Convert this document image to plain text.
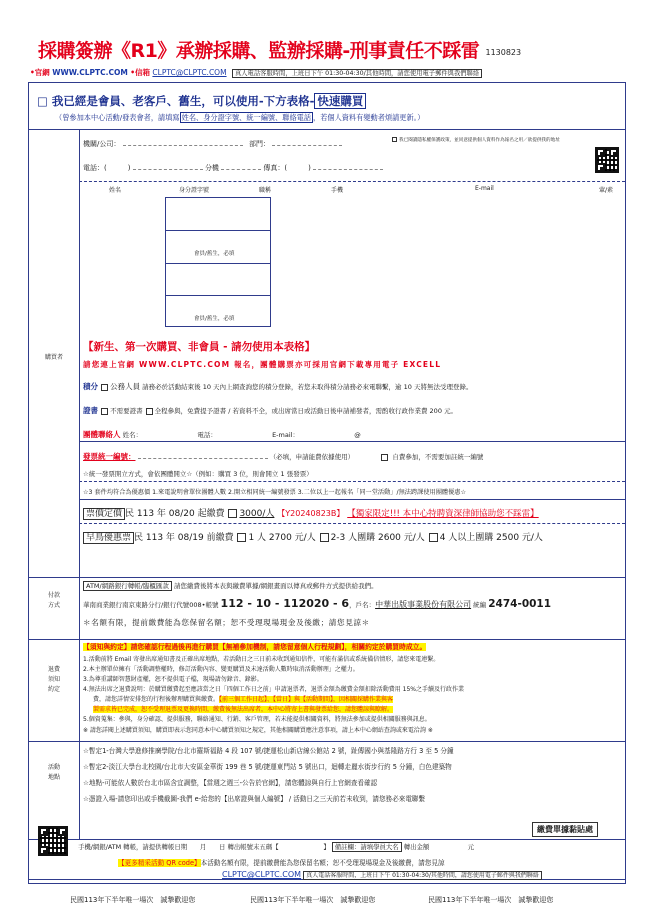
採購簽辦《R1》承辦採購、監辦採購-刑事責任不踩雷 1130823
•官網 WWW.CLPTC.COM •信箱 CLPTC@CLPTC.COM 真人電話客服時間，上班日下午 01:30-04:30/其他時間，請您使用電子郵件與我們聯絡
□ 我已經是會員、老客戶、舊生，可以使用-下方表格- 快速購買
（曾參加本中心活動/發表會者，請填寫 姓名、身分證字號、統一編號、聯絡電話 ，若個人資料有變動者煩請更新。）
購買者
機關/公司：	部門：	我已閱讀隱私權保護政策，並同意提供個人資料作為報名之用／欲提供我的地址
電話：(　　　)	分機	傳真：(　　　)
姓名	身分證字號	職稱	手機	E-mail	葷/素
會員/舊生，必填
會員/舊生，必填
【新生、第一次購買、非會員 - 請勿使用本表格】
請您連上官網 WWW.CLPTC.COM 報名，團體購票亦可採用官網下載專用電子 EXCELL
積分 公務人員 請務必於活動結束後 10 天內上網查詢您的積分登錄，若您未取得積分請務必來電聯繫，逾 10 天將無法受理登錄。
證書 不需要證書 全程參與，免費提予證書 / 若資料不全，或出席當日或活動日後申請補發者，需酌收行政作業費 200 元。
團體聯絡人 姓名：　　　　　　　　　電話：　　　　　　　　　E-mail：　　　　　　　　　@
發票統一編號：	（必填，申請能費依據使用）	自費參加，不需要加註統一編號
☆統一發票開立方式，會依團體開立☆（例如：購買 3 位，則會開立 1 張發票）
☆3 套件均符合為優惠價 1.來電說明會單位團體人數 2.開立相同統一編號發票 3.二位以上一起報名「同一堂活動」/無法跨課使用團體優惠☆
票價定價 民 113 年 08/20 起繳費 3000/人 【Y20240823B】 【獨家限定!!! 本中心特聘資深律師協助您不踩雷】
早鳥優惠票 民 113 年 08/19 前繳費 1 人 2700 元/人 2-3 人團購 2600 元/人 4 人以上團購 2500 元/人
付款
方式
ATM/網路銀行轉帳/臨櫃匯款 請您繳費後將本表與繳費單據/網銀畫面以傳真或郵件方式提供給我們。
華南商業銀行南京東路分行/銀行代號008•帳號 112 - 10 - 112020 - 6，戶名：中華出版事業股份有限公司 統編 2474-0011
＊名額有限，提前繳費能為您保留名額；恕不受理現場現金及後繳；請您見諒＊
退費
須知
約定
【須知與約定】請您確認行程過後再進行購買【無補參加機制，請您留意個人行程規劃】，相關約定於購買時成立。
1.活動前將 Email 寄發出席通知書及正確出席地點，若活動日之三日前未收到通知信件，可能有滿信或系統備信情形，請您來電連繫。
2.本主辦單位擁有「活動調整權時，修訂活動內容、變更購買及未達活動人數時取消活動辦理」之權力。
3.為尊重講師智慧財產權，恕不提供電子檔，現場請勿錄音、錄影。
4.無法出席之退費說明：於購買繳費起至應該當之日「四個工作日之前」申請退票者，退票金額為繳費金額扣除活動費用 15%之手續及行政作業
費，請您詳情安排您的行程後辦理購買與繳費。【前三個工作日起】、【當日】與【活動期間】，因相關採購作業與客
製需求皆已完成，恕不受理退票及更換時間，繳費後無法出席者，本中心將寄上書與發票給您，請您體諒與瞭解。
5.個資蒐集：參與，身分確認、提供服務，聯絡通知、行銷、客戶管理，若未能提供相關資料，將無法參加或提供相關服務與訊息。
※ 請您詳閱上述購買須知，購買即表示您同意本中心購買須知之規定，其他相關購買應注意事項，請上本中心網站查詢或來電洽詢 ※
活動
地點
☆暫定1-台灣大學進修推廣學院/台北市羅斯福路 4 段 107 號/捷運松山新店線公館站 2 號，趾傳國小與基隆路方行 3 至 5 分鐘
☆暫定2-淡江大學台北校園/台北市大安區金華街 199 巷 5 號/捷運東門站 5 號出口，迴轉走麗水街步行約 5 分鐘，白色建築物
☆地點-可能依人數於台北市區含宜調整，【當週之週三-公告於官網】，請您體諒與自行上官網查看確認
☆憑證入場-請您印出或手機截圖-我們 e-給您的【出席證與個人編號】 / 活動日之三天前若未收到，請您務必來電聯繫
繳費單據黏貼處
手機/網銀/ATM 轉帳，請提供轉帳日期　　月　　日 轉出帳號末五碼【　　　　　　　】 備註欄：請填學員大名 轉出金額　　　　　　元
【更多精采活動 QR code】本活動名額有限，提前繳費能為您保留名額；恕不受理現場現金及後繳費，請您見諒
CLPTC@CLPTC.COM 真人電話客服時間，上班日下午 01:30-04:30/其他時間，請您使用電子郵件與我們聯絡
民國113年下半年唯一場次　誠摯歡迎您	民國113年下半年唯一場次　誠摯歡迎您	民國113年下半年唯一場次　誠摯歡迎您
